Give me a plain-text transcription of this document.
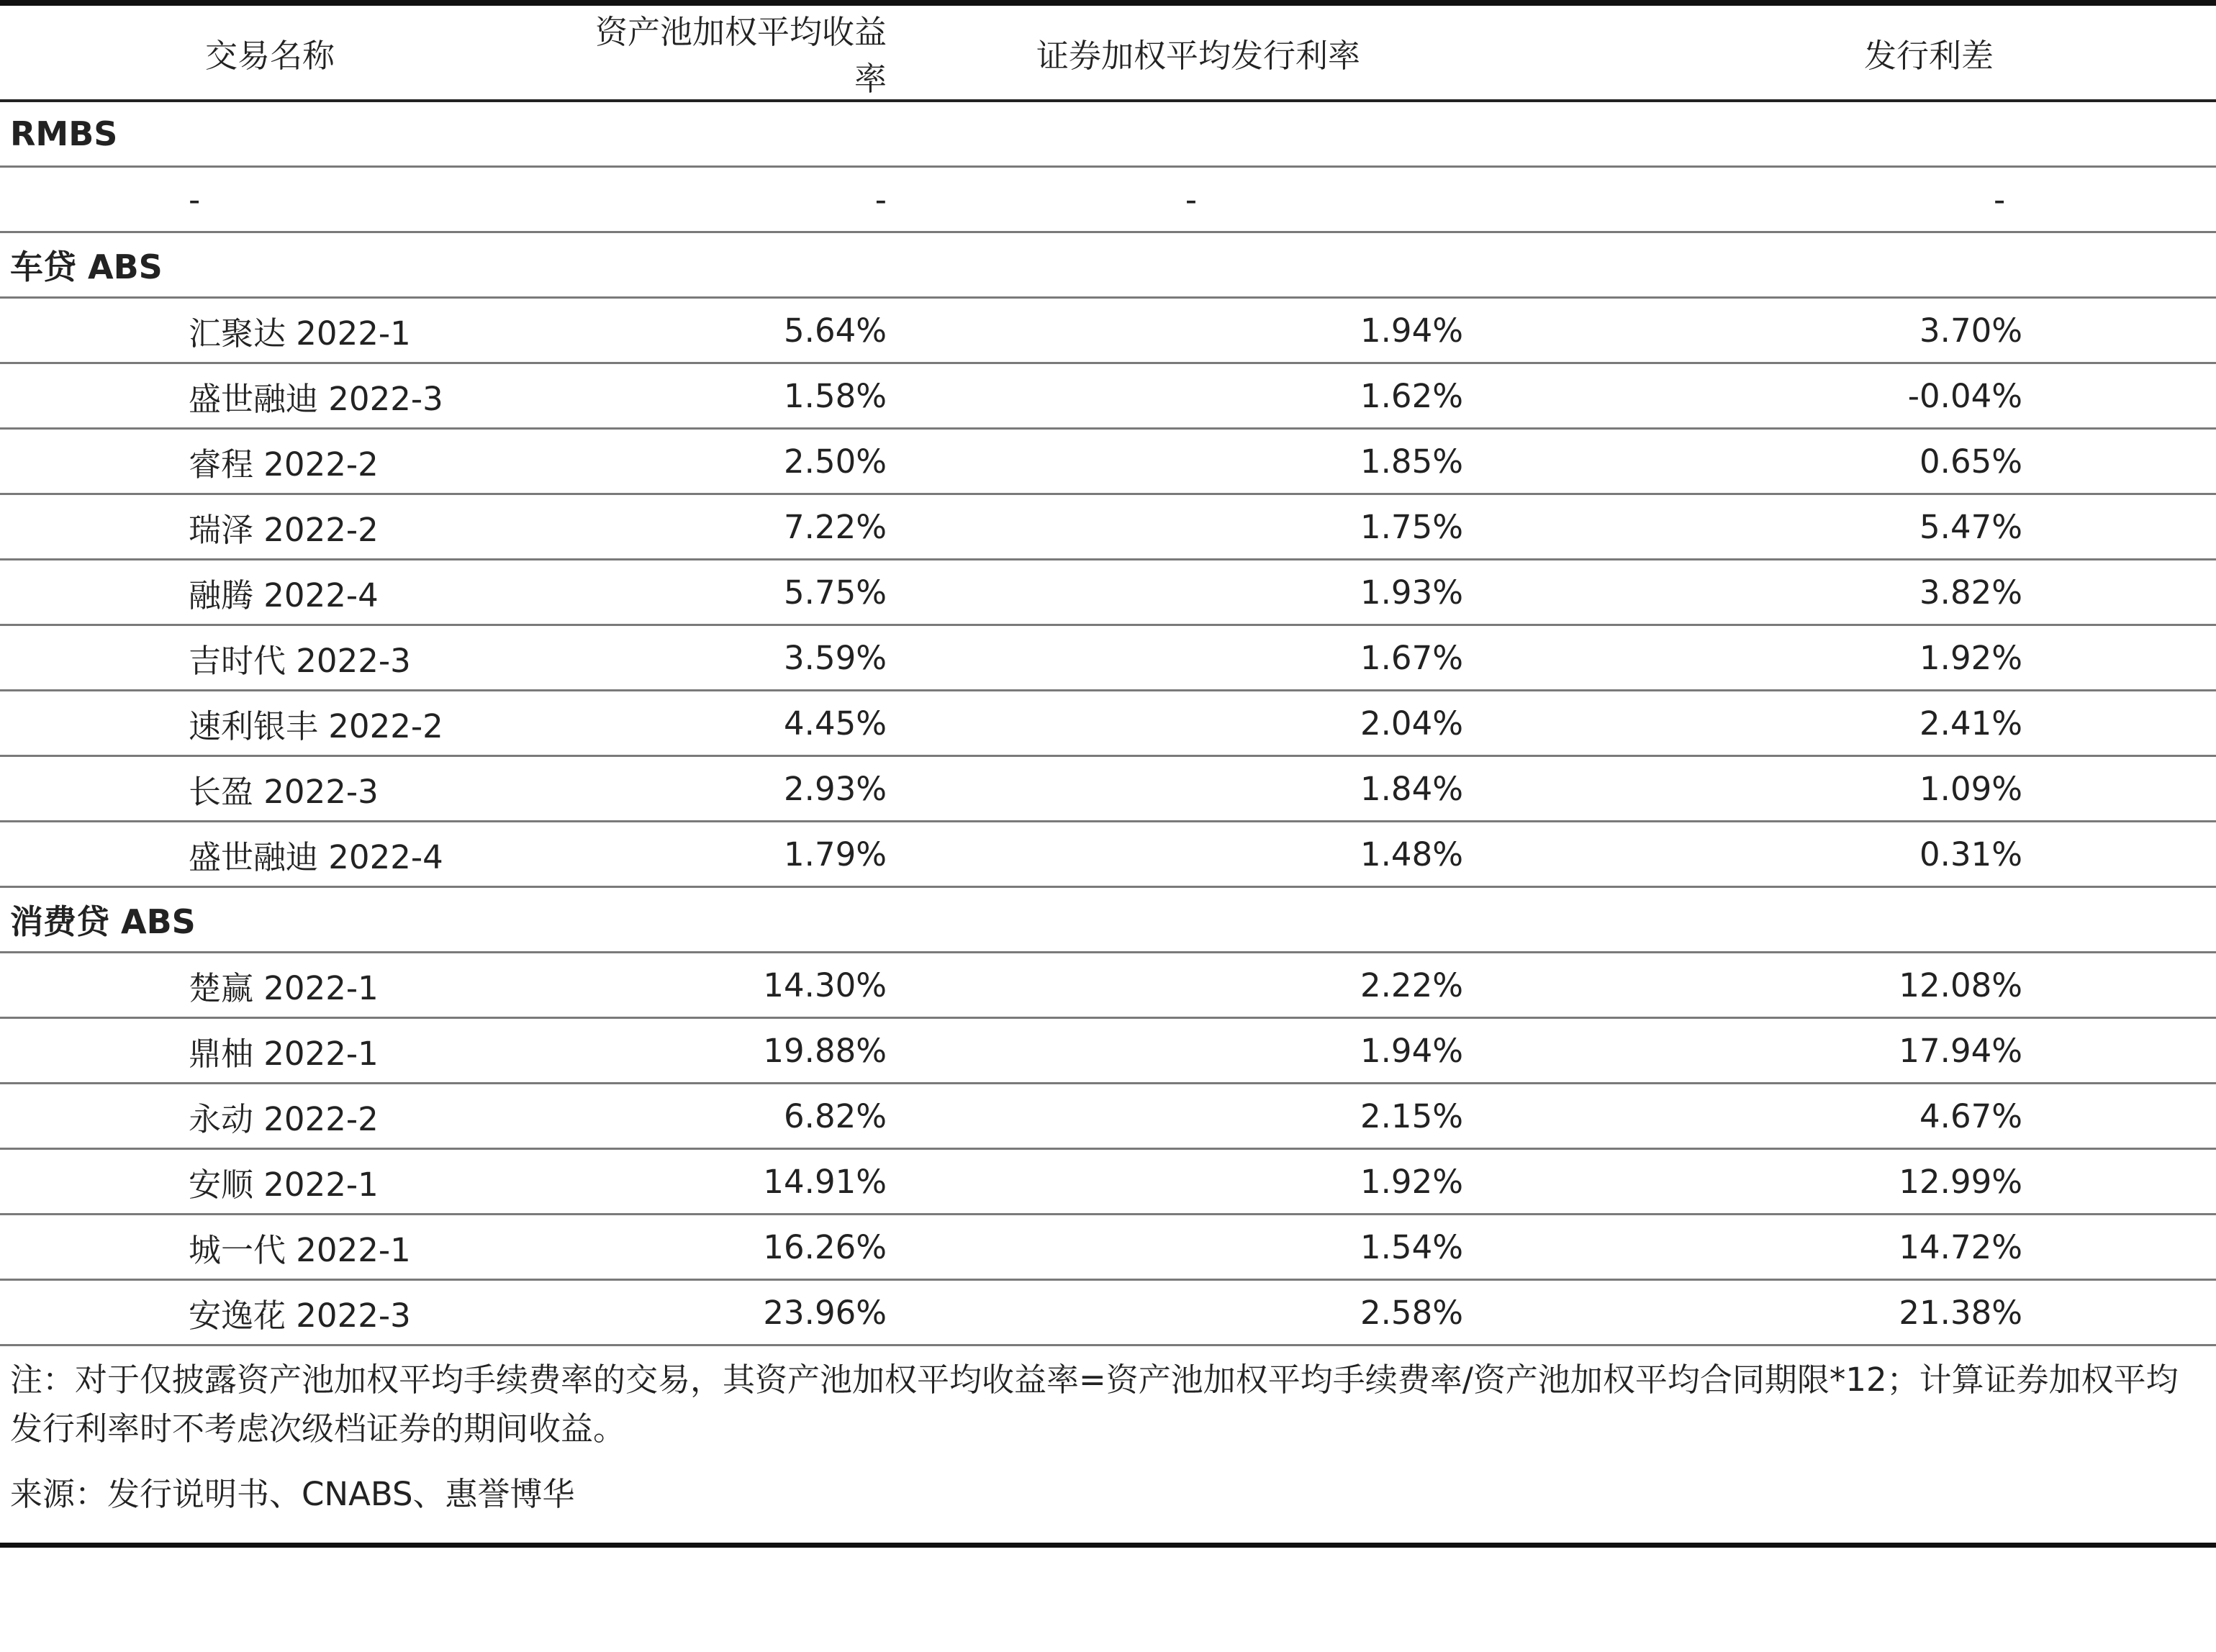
交易名称	资产池加权平均收益率	证券加权平均发行利率	发行利差
RMBS			
-	-	-	-
车贷 ABS			
汇聚达 2022-1	5.64%	1.94%	3.70%
盛世融迪 2022-3	1.58%	1.62%	-0.04%
睿程 2022-2	2.50%	1.85%	0.65%
瑞泽 2022-2	7.22%	1.75%	5.47%
融腾 2022-4	5.75%	1.93%	3.82%
吉时代 2022-3	3.59%	1.67%	1.92%
速利银丰 2022-2	4.45%	2.04%	2.41%
长盈 2022-3	2.93%	1.84%	1.09%
盛世融迪 2022-4	1.79%	1.48%	0.31%
消费贷 ABS			
楚赢 2022-1	14.30%	2.22%	12.08%
鼎柚 2022-1	19.88%	1.94%	17.94%
永动 2022-2	6.82%	2.15%	4.67%
安顺 2022-1	14.91%	1.92%	12.99%
城一代 2022-1	16.26%	1.54%	14.72%
安逸花 2022-3	23.96%	2.58%	21.38%
注：对于仅披露资产池加权平均手续费率的交易，其资产池加权平均收益率=资产池加权平均手续费率/资产池加权平均合同期限*12；计算证券加权平均发行利率时不考虑次级档证券的期间收益。
来源：发行说明书、CNABS、惠誉博华
